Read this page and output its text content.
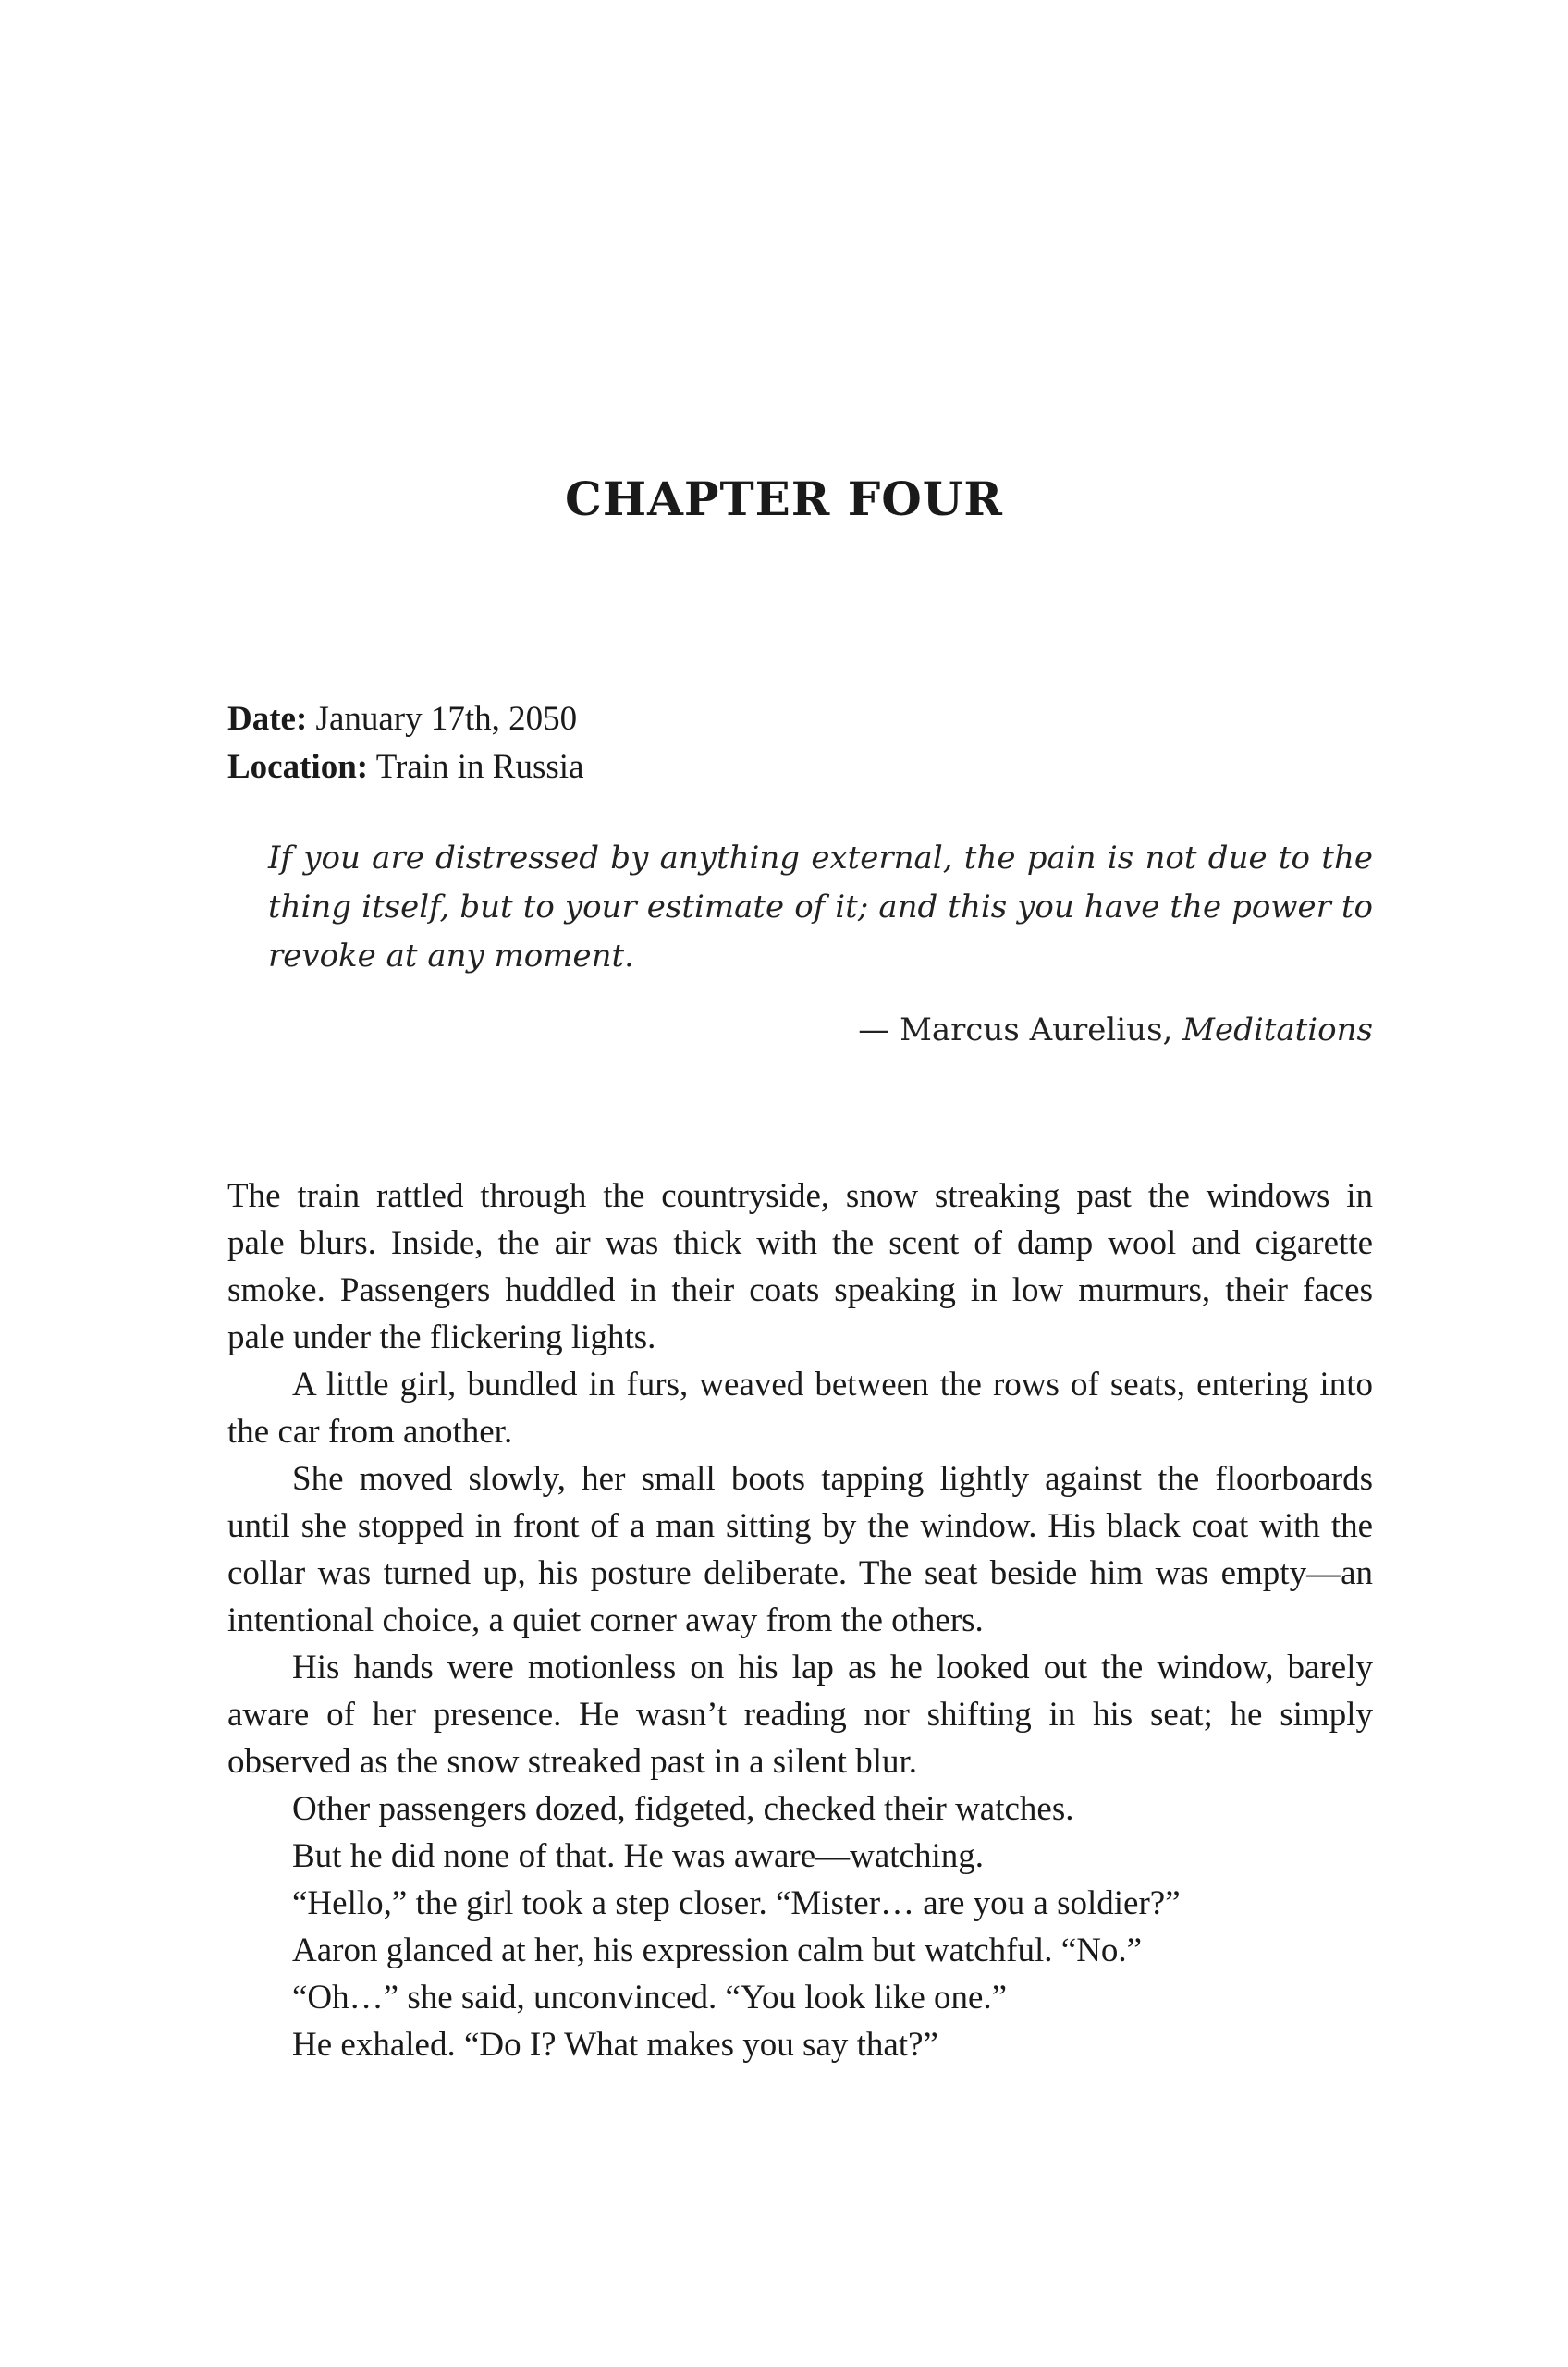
CHAPTER FOUR
Date: January 17th, 2050
Location: Train in Russia
If you are distressed by anything external, the pain is not due to the
thing itself, but to your estimate of it; and this you have the power to
revoke at any moment.
— Marcus Aurelius, Meditations
The train rattled through the countryside, snow streaking past the windows in
pale blurs. Inside, the air was thick with the scent of damp wool and cigarette
smoke. Passengers huddled in their coats speaking in low murmurs, their faces
pale under the flickering lights.
A little girl, bundled in furs, weaved between the rows of seats, entering into
the car from another.
She moved slowly, her small boots tapping lightly against the floorboards
until she stopped in front of a man sitting by the window. His black coat with the
collar was turned up, his posture deliberate. The seat beside him was empty—an
intentional choice, a quiet corner away from the others.
His hands were motionless on his lap as he looked out the window, barely
aware of her presence. He wasn’t reading nor shifting in his seat; he simply
observed as the snow streaked past in a silent blur.
Other passengers dozed, fidgeted, checked their watches.
But he did none of that. He was aware—watching.
“Hello,” the girl took a step closer. “Mister… are you a soldier?”
Aaron glanced at her, his expression calm but watchful. “No.”
“Oh…” she said, unconvinced. “You look like one.”
He exhaled. “Do I? What makes you say that?”
